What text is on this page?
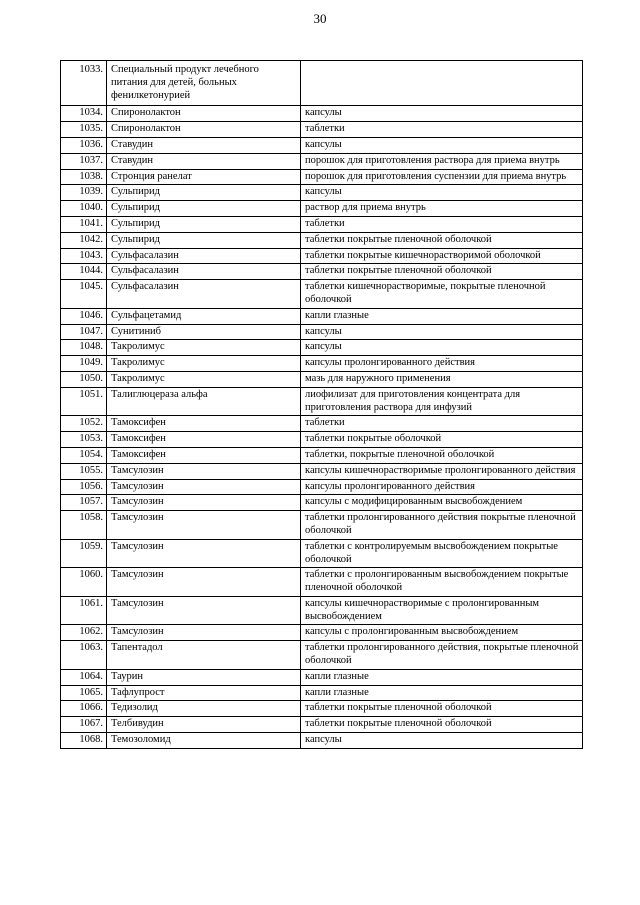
30
1033.	Специальный продукт лечебного питания для детей, больных фенилкетонурией	
1034.	Спиронолактон	капсулы
1035.	Спиронолактон	таблетки
1036.	Ставудин	капсулы
1037.	Ставудин	порошок для приготовления раствора для приема внутрь
1038.	Стронция ранелат	порошок для приготовления суспензии для приема внутрь
1039.	Сульпирид	капсулы
1040.	Сульпирид	раствор для приема внутрь
1041.	Сульпирид	таблетки
1042.	Сульпирид	таблетки покрытые пленочной оболочкой
1043.	Сульфасалазин	таблетки покрытые кишечнорастворимой оболочкой
1044.	Сульфасалазин	таблетки покрытые пленочной оболочкой
1045.	Сульфасалазин	таблетки кишечнорастворимые, покрытые пленочной оболочкой
1046.	Сульфацетамид	капли глазные
1047.	Сунитиниб	капсулы
1048.	Такролимус	капсулы
1049.	Такролимус	капсулы пролонгированного действия
1050.	Такролимус	мазь для наружного применения
1051.	Талиглюцераза альфа	лиофилизат для приготовления концентрата для приготовления раствора для инфузий
1052.	Тамоксифен	таблетки
1053.	Тамоксифен	таблетки покрытые оболочкой
1054.	Тамоксифен	таблетки, покрытые пленочной оболочкой
1055.	Тамсулозин	капсулы кишечнорастворимые пролонгированного действия
1056.	Тамсулозин	капсулы пролонгированного действия
1057.	Тамсулозин	капсулы с модифицированным высвобождением
1058.	Тамсулозин	таблетки пролонгированного действия покрытые пленочной оболочкой
1059.	Тамсулозин	таблетки с контролируемым высвобождением покрытые оболочкой
1060.	Тамсулозин	таблетки с пролонгированным высвобождением покрытые пленочной оболочкой
1061.	Тамсулозин	капсулы кишечнорастворимые с пролонгированным высвобождением
1062.	Тамсулозин	капсулы с пролонгированным высвобождением
1063.	Тапентадол	таблетки пролонгированного действия, покрытые пленочной оболочкой
1064.	Таурин	капли глазные
1065.	Тафлупрост	капли глазные
1066.	Тедизолид	таблетки покрытые пленочной оболочкой
1067.	Телбивудин	таблетки покрытые пленочной оболочкой
1068.	Темозоломид	капсулы
